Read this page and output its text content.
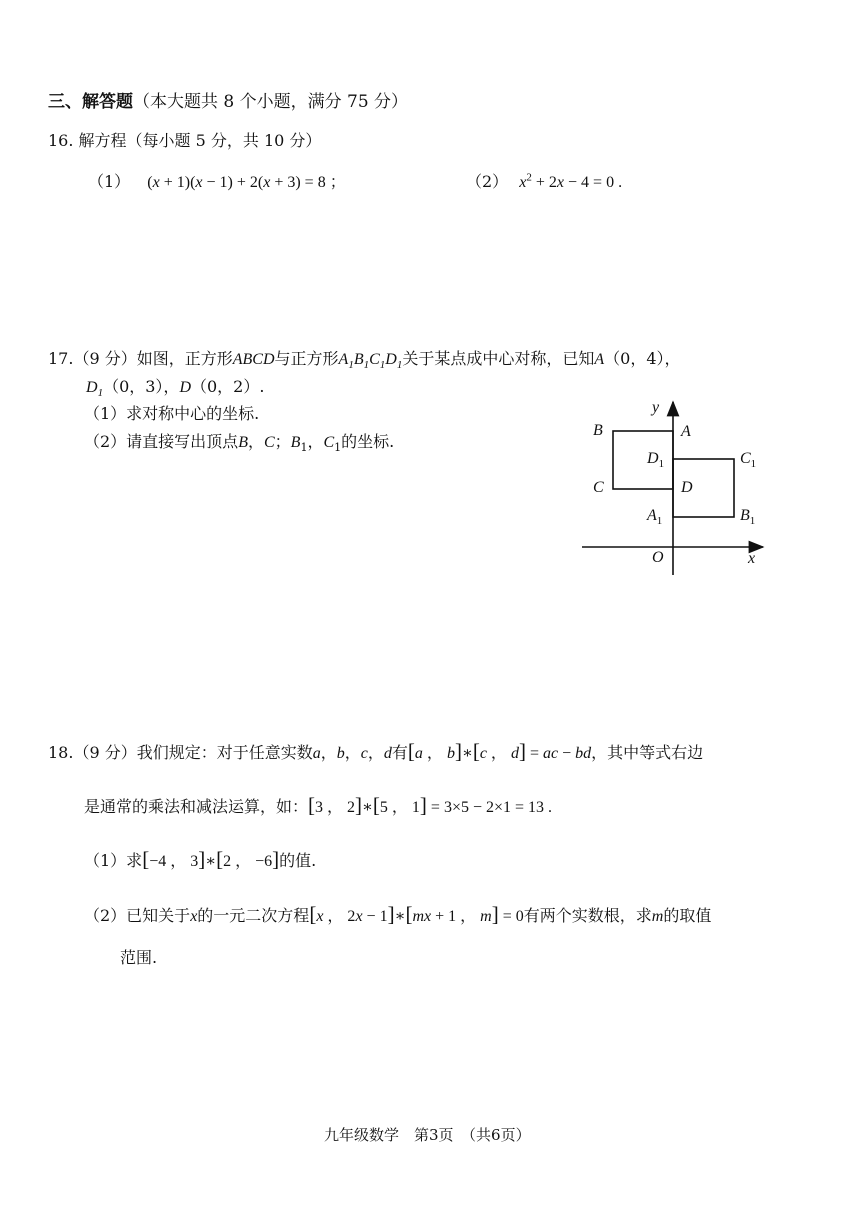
三、解答题（本大题共 8 个小题，满分 75 分）
16. 解方程（每小题 5 分，共 10 分）
（1） (x + 1)(x − 1) + 2(x + 3) = 8 ；	（2） $x^2 + 2x - 4 = 0$ .
17.（9 分）如图，正方形ABCD与正方形$A_1B_1C_1D_1$关于某点成中心对称，已知A（0，4），
$D_1(0$，3），D（0，2）.
（1）求对称中心的坐标.
（2）请直接写出顶点B，C；$B_1$，$C_1$的坐标.
y
x
O
B	A
C	D
$D_1$	$C_1$
$A_1$	$B_1$
18.（9 分）我们规定：对于任意实数a，b，c，d有[a ， b]∗[c ， d] = ac − bd，其中等式右边
是通常的乘法和减法运算，如：[3 ， 2]∗[5 ， 1] = 3×5 − 2×1 = 13 .
（1）求[−4 ， 3]∗[2 ， −6]的值.
（2）已知关于x的一元二次方程[x ， 2x − 1]∗[mx + 1 ， m] = 0有两个实数根，求m的取值
范围.
九年级数学　第3页　（共6页）
